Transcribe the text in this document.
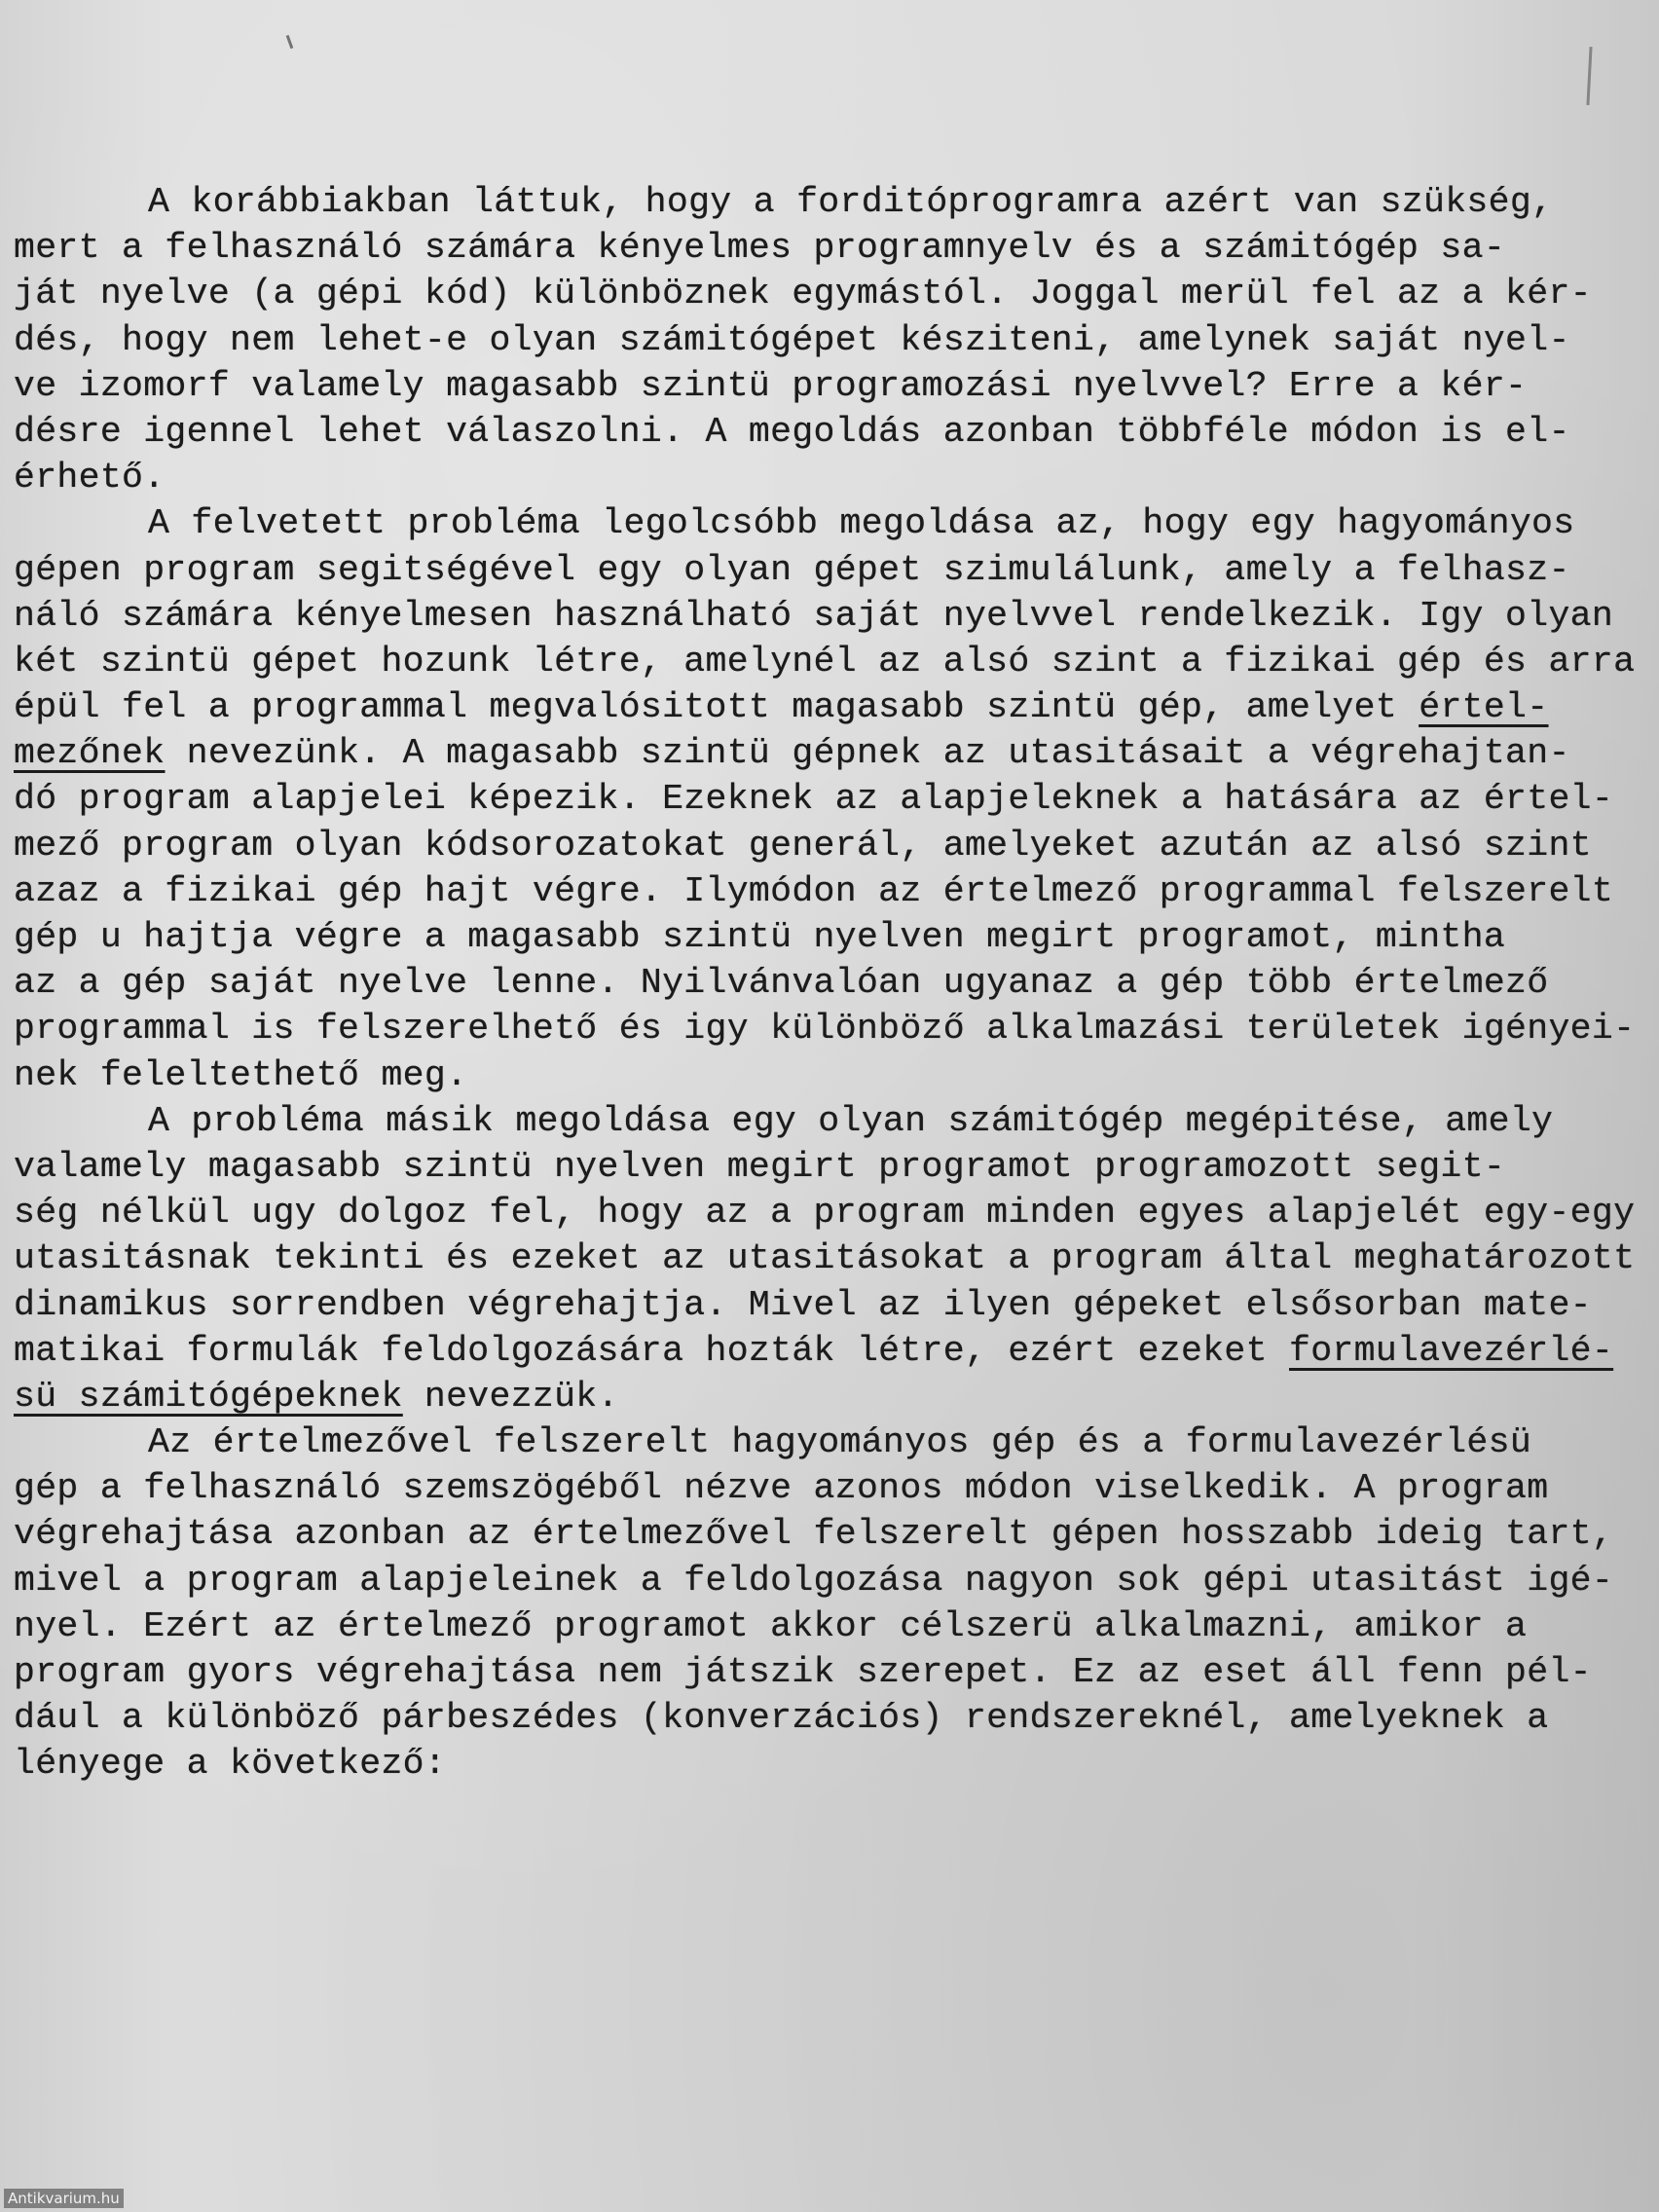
A korábbiakban láttuk, hogy a forditóprogramra azért van szükség,
mert a felhasználó számára kényelmes programnyelv és a számitógép sa-
ját nyelve (a gépi kód) különböznek egymástól. Joggal merül fel az a kér-
dés, hogy nem lehet-e olyan számitógépet késziteni, amelynek saját nyel-
ve izomorf valamely magasabb szintü programozási nyelvvel? Erre a kér-
désre igennel lehet válaszolni. A megoldás azonban többféle módon is el-
érhető.
A felvetett probléma legolcsóbb megoldása az, hogy egy hagyományos
gépen program segitségével egy olyan gépet szimulálunk, amely a felhasz-
náló számára kényelmesen használható saját nyelvvel rendelkezik. Igy olyan
két szintü gépet hozunk létre, amelynél az alsó szint a fizikai gép és arra
épül fel a programmal megvalósitott magasabb szintü gép, amelyet értel-
mezőnek nevezünk. A magasabb szintü gépnek az utasitásait a végrehajtan-
dó program alapjelei képezik. Ezeknek az alapjeleknek a hatására az értel-
mező program olyan kódsorozatokat generál, amelyeket azután az alsó szint
azaz a fizikai gép hajt végre. Ilymódon az értelmező programmal felszerelt
gép u hajtja végre a magasabb szintü nyelven megirt programot, mintha
az a gép saját nyelve lenne. Nyilvánvalóan ugyanaz a gép több értelmező
programmal is felszerelhető és igy különböző alkalmazási területek igényei-
nek feleltethető meg.
A probléma másik megoldása egy olyan számitógép megépitése, amely
valamely magasabb szintü nyelven megirt programot programozott segit-
ség nélkül ugy dolgoz fel, hogy az a program minden egyes alapjelét egy-egy
utasitásnak tekinti és ezeket az utasitásokat a program által meghatározott
dinamikus sorrendben végrehajtja. Mivel az ilyen gépeket elsősorban mate-
matikai formulák feldolgozására hozták létre, ezért ezeket formulavezérlé-
sü számitógépeknek nevezzük.
Az értelmezővel felszerelt hagyományos gép és a formulavezérlésü
gép a felhasználó szemszögéből nézve azonos módon viselkedik. A program
végrehajtása azonban az értelmezővel felszerelt gépen hosszabb ideig tart,
mivel a program alapjeleinek a feldolgozása nagyon sok gépi utasitást igé-
nyel. Ezért az értelmező programot akkor célszerü alkalmazni, amikor a
program gyors végrehajtása nem játszik szerepet. Ez az eset áll fenn pél-
dául a különböző párbeszédes (konverzációs) rendszereknél, amelyeknek a
lényege a következő:
Antikvarium.hu
